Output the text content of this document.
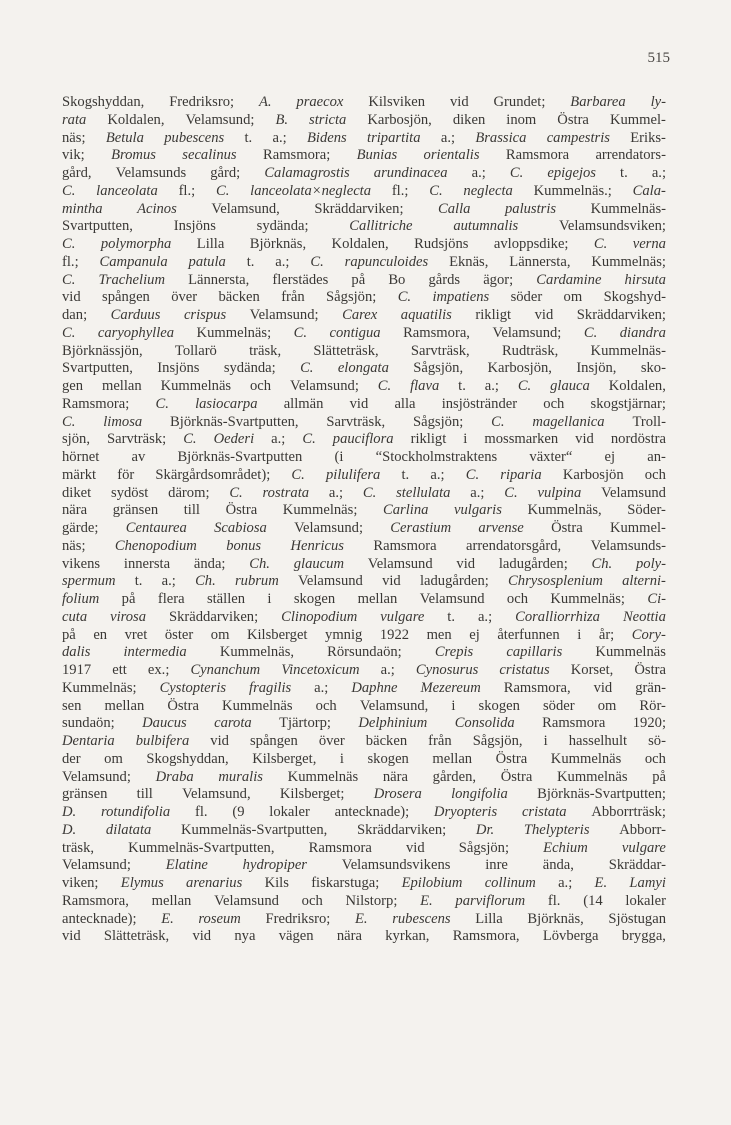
515
Skogshyddan, Fredriksro; A. praecox Kilsviken vid Grundet; Barbarea ly-
rata Koldalen, Velamsund; B. stricta Karbosjön, diken inom Östra Kummel-
näs; Betula pubescens t. a.; Bidens tripartita a.; Brassica campestris Eriks-
vik; Bromus secalinus Ramsmora; Bunias orientalis Ramsmora arrendators-
gård, Velamsunds gård; Calamagrostis arundinacea a.; C. epigejos t. a.;
C. lanceolata fl.; C. lanceolata×neglecta fl.; C. neglecta Kummelnäs.; Cala-
mintha Acinos Velamsund, Skräddarviken; Calla palustris Kummelnäs-
Svartputten,	Insjöns	sydända;	Callitriche	autumnalis	Velamsundsviken;
C. polymorpha Lilla Björknäs, Koldalen, Rudsjöns avloppsdike; C. verna
fl.; Campanula patula t. a.; C. rapunculoides Eknäs, Lännersta, Kummelnäs;
C. Trachelium Lännersta, flerstädes på Bo gårds ägor; Cardamine hirsuta
vid spången över bäcken från Sågsjön; C. impatiens söder om Skogshyd-
dan; Carduus crispus Velamsund; Carex aquatilis rikligt vid Skräddarviken;
C. caryophyllea Kummelnäs; C. contigua Ramsmora, Velamsund; C. diandra
Björknässjön, Tollarö träsk, Slätteträsk, Sarvträsk, Rudträsk, Kummelnäs-
Svartputten, Insjöns sydända; C. elongata Sågsjön, Karbosjön, Insjön, sko-
gen mellan Kummelnäs och Velamsund; C. flava t. a.; C. glauca Koldalen,
Ramsmora; C. lasiocarpa allmän vid alla insjöstränder och skogstjärnar;
C. limosa Björknäs-Svartputten, Sarvträsk, Sågsjön; C. magellanica Troll-
sjön, Sarvträsk; C. Oederi a.; C. pauciflora rikligt i mossmarken vid nordöstra
hörnet av Björknäs-Svartputten (i “Stockholmstraktens växter“ ej an-
märkt för Skärgårdsområdet); C. pilulifera t. a.; C. riparia Karbosjön och
diket sydöst därom; C. rostrata a.; C. stellulata a.; C. vulpina Velamsund
nära gränsen till Östra Kummelnäs; Carlina vulgaris Kummelnäs, Söder-
gärde; Centaurea Scabiosa Velamsund; Cerastium arvense Östra Kummel-
näs; Chenopodium bonus Henricus Ramsmora arrendatorsgård, Velamsunds-
vikens innersta ända; Ch. glaucum Velamsund vid ladugården; Ch. poly-
spermum t. a.; Ch. rubrum Velamsund vid ladugården; Chrysosplenium alterni-
folium på flera ställen i skogen mellan Velamsund och Kummelnäs; Ci-
cuta virosa Skräddarviken; Clinopodium vulgare t. a.; Coralliorrhiza Neottia
på en vret öster om Kilsberget ymnig 1922 men ej återfunnen i år; Cory-
dalis intermedia Kummelnäs, Rörsundaön; Crepis capillaris Kummelnäs
1917 ett ex.; Cynanchum Vincetoxicum a.; Cynosurus cristatus Korset, Östra
Kummelnäs; Cystopteris fragilis a.; Daphne Mezereum Ramsmora, vid grän-
sen mellan Östra Kummelnäs och Velamsund, i skogen söder om Rör-
sundaön; Daucus carota Tjärtorp; Delphinium Consolida Ramsmora 1920;
Dentaria bulbifera vid spången över bäcken från Sågsjön, i hasselhult sö-
der om Skogshyddan, Kilsberget, i skogen mellan Östra Kummelnäs och
Velamsund; Draba muralis Kummelnäs nära gården, Östra Kummelnäs på
gränsen till Velamsund, Kilsberget; Drosera longifolia Björknäs-Svartputten;
D. rotundifolia fl. (9 lokaler antecknade); Dryopteris cristata Abborrträsk;
D. dilatata Kummelnäs-Svartputten, Skräddarviken; Dr. Thelypteris Abborr-
träsk, Kummelnäs-Svartputten, Ramsmora vid Sågsjön; Echium vulgare
Velamsund; Elatine hydropiper Velamsundsvikens inre ända, Skräddar-
viken; Elymus arenarius Kils fiskarstuga; Epilobium collinum a.; E. Lamyi
Ramsmora, mellan Velamsund och Nilstorp; E. parviflorum fl. (14 lokaler
antecknade); E. roseum Fredriksro; E. rubescens Lilla Björknäs, Sjöstugan
vid Slätteträsk, vid nya vägen nära kyrkan, Ramsmora, Lövberga brygga,
